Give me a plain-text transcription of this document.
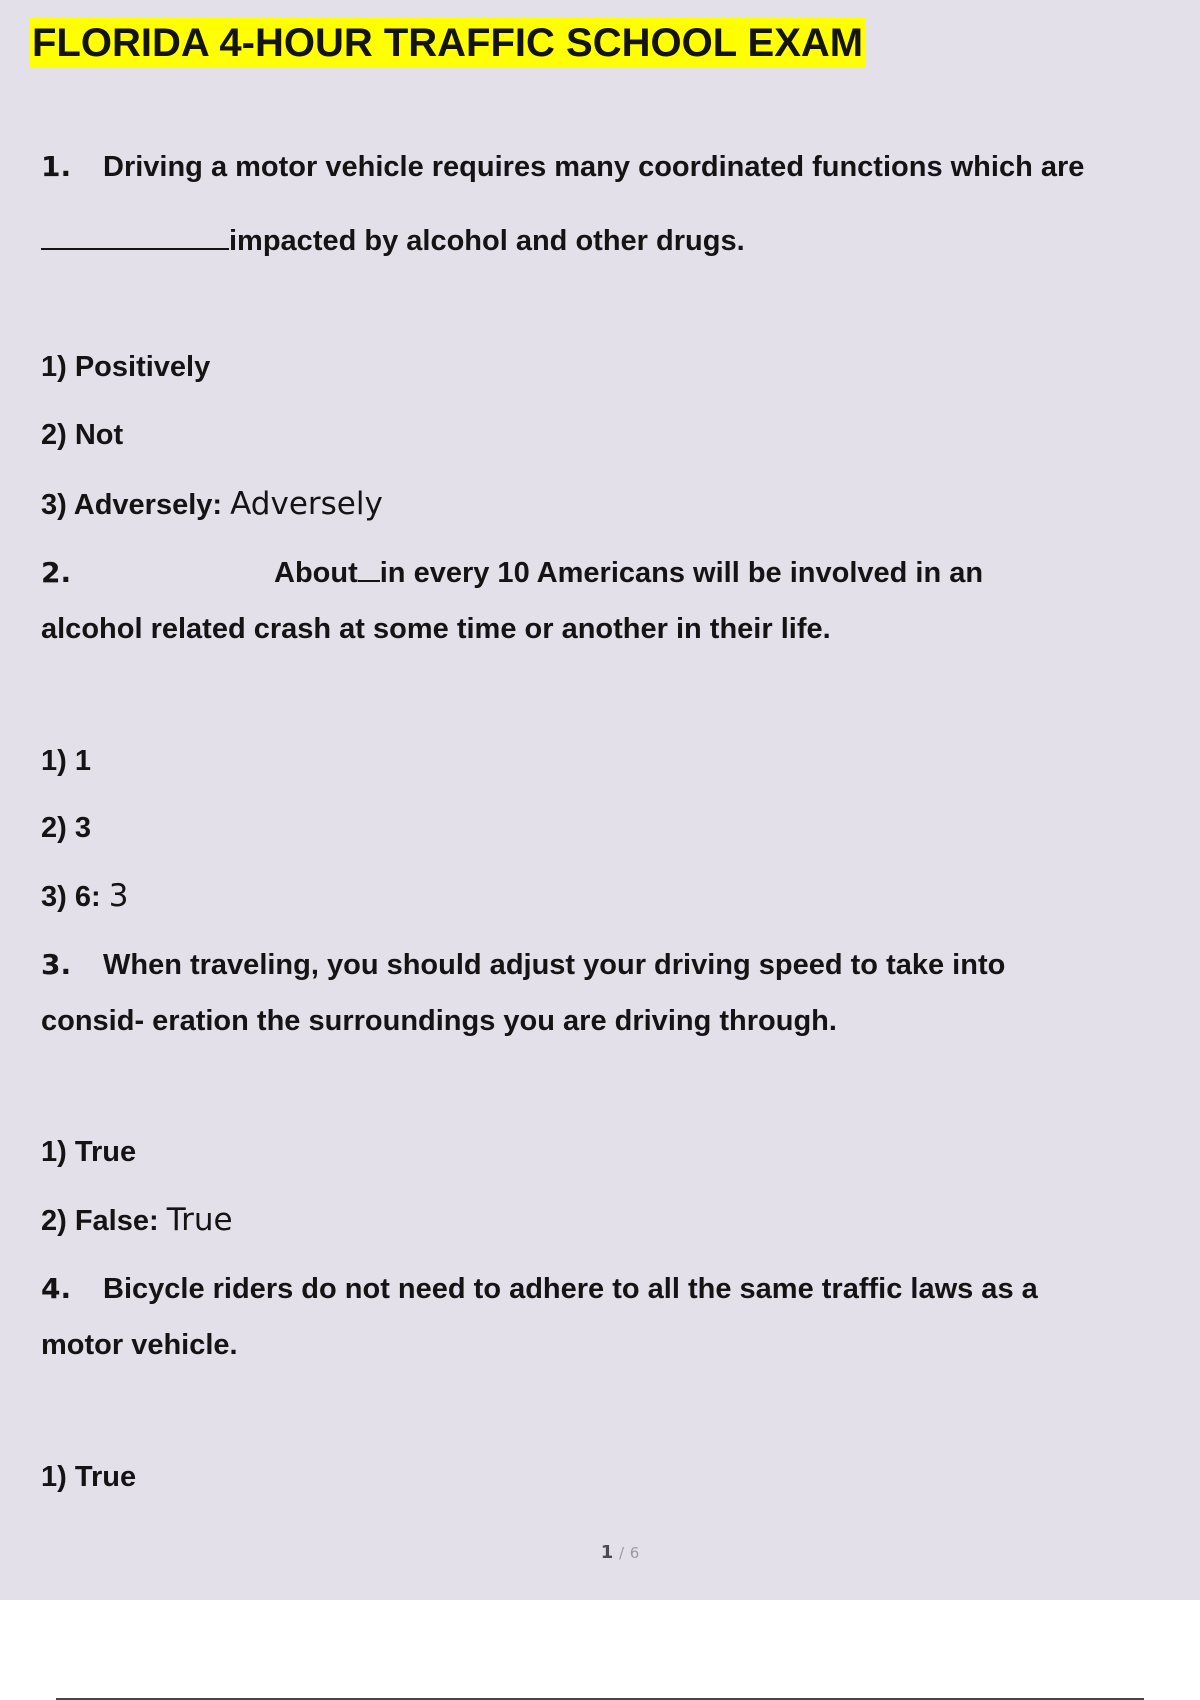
FLORIDA 4-HOUR TRAFFIC SCHOOL EXAM
1. Driving a motor vehicle requires many coordinated functions which are
impacted by alcohol and other drugs.
1) Positively
2) Not
3) Adversely: Adversely
2.	About in every 10 Americans will be involved in an
alcohol related crash at some time or another in their life.
1) 1
2) 3
3) 6: 3
3. When traveling, you should adjust your driving speed to take into
consid- eration the surroundings you are driving through.
1) True
2) False: True
4. Bicycle riders do not need to adhere to all the same traffic laws as a
motor vehicle.
1) True
1 / 6
